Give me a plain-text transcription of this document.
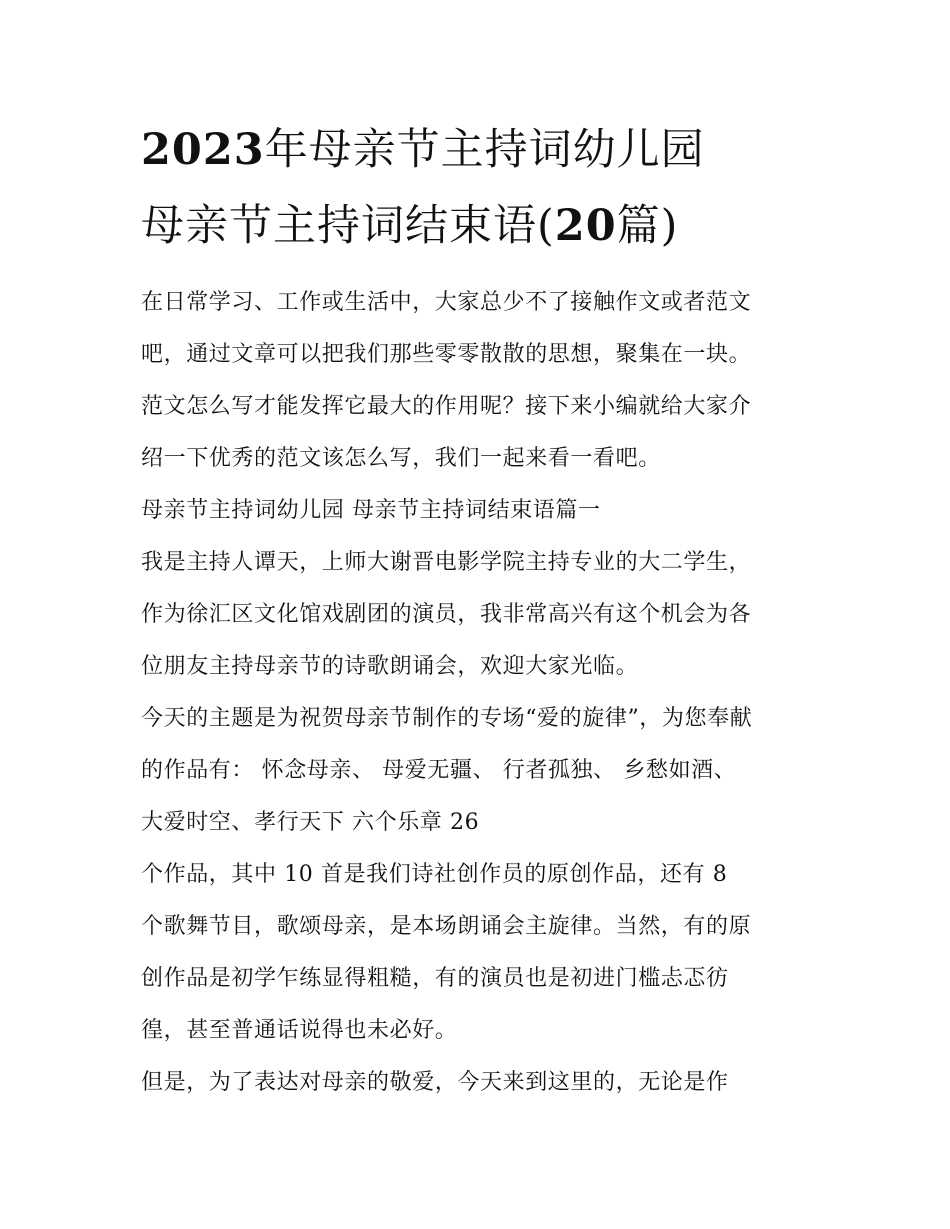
2023年母亲节主持词幼儿园
母亲节主持词结束语(20篇)
在日常学习、工作或生活中，大家总少不了接触作文或者范文
吧，通过文章可以把我们那些零零散散的思想，聚集在一块。
范文怎么写才能发挥它最大的作用呢？接下来小编就给大家介
绍一下优秀的范文该怎么写，我们一起来看一看吧。
母亲节主持词幼儿园 母亲节主持词结束语篇一
我是主持人谭天，上师大谢晋电影学院主持专业的大二学生，
作为徐汇区文化馆戏剧团的演员，我非常高兴有这个机会为各
位朋友主持母亲节的诗歌朗诵会，欢迎大家光临。
今天的主题是为祝贺母亲节制作的专场“爱的旋律”，为您奉献
的作品有： 怀念母亲、 母爱无疆、 行者孤独、 乡愁如酒、
大爱时空、孝行天下 六个乐章 26
个作品，其中 10 首是我们诗社创作员的原创作品，还有 8
个歌舞节目，歌颂母亲，是本场朗诵会主旋律。当然，有的原
创作品是初学乍练显得粗糙，有的演员也是初进门槛忐忑彷
徨，甚至普通话说得也未必好。
但是，为了表达对母亲的敬爱，今天来到这里的，无论是作
